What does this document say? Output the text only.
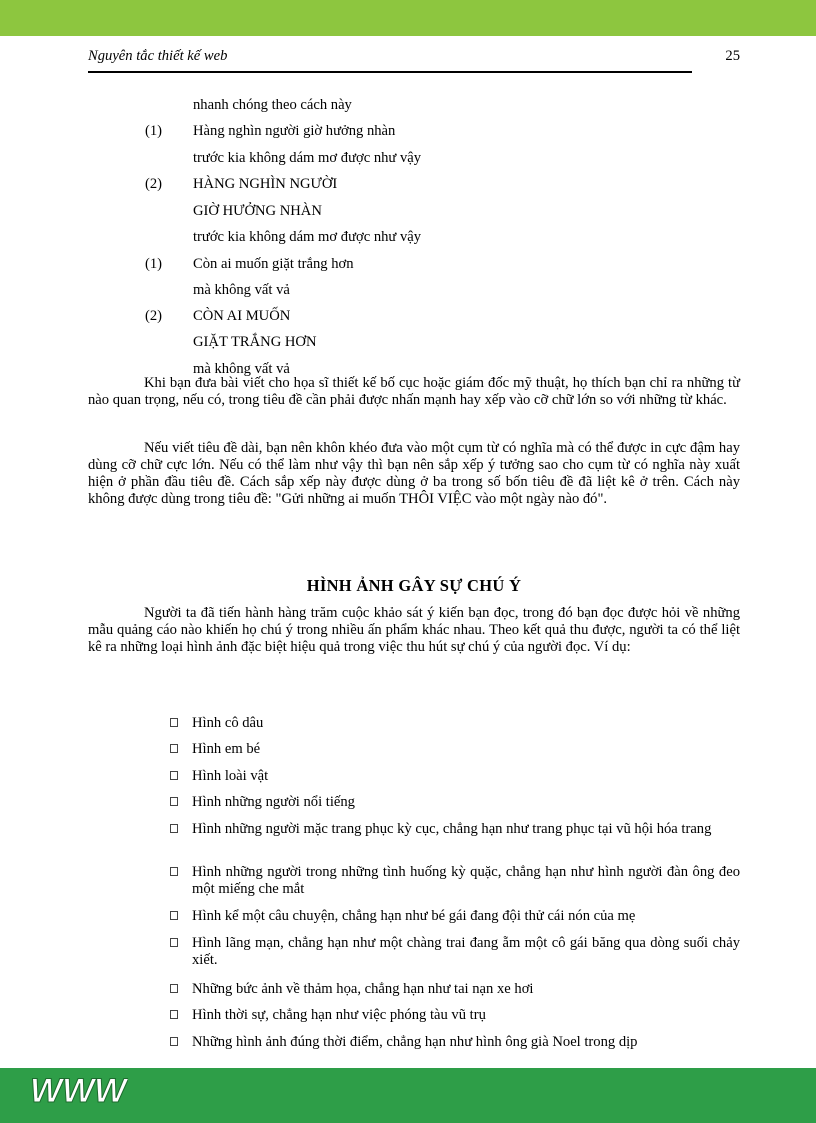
Nguyên tắc thiết kế web	25
nhanh chóng theo cách này
(1) Hàng nghìn người giờ hưởng nhàn
trước kia không dám mơ được như vậy
(2) HÀNG NGHÌN NGƯỜI
GIỜ HƯỞNG NHÀN
trước kia không dám mơ được như vậy
(1) Còn ai muốn giặt trắng hơn
mà không vất vả
(2) CÒN AI MUỐN
GIẶT TRẮNG HƠN
mà không vất vả

Khi bạn đưa bài viết cho họa sĩ thiết kế bố cục hoặc giám đốc mỹ thuật, họ thích bạn chỉ ra những từ nào quan trọng, nếu có, trong tiêu đề cần phải được nhấn mạnh hay xếp vào cỡ chữ lớn so với những từ khác.

Nếu viết tiêu đề dài, bạn nên khôn khéo đưa vào một cụm từ có nghĩa mà có thể được in cực đậm hay dùng cỡ chữ cực lớn. Nếu có thể làm như vậy thì bạn nên sắp xếp ý tưởng sao cho cụm từ có nghĩa này xuất hiện ở phần đầu tiêu đề. Cách sắp xếp này được dùng ở ba trong số bốn tiêu đề đã liệt kê ở trên. Cách này không được dùng trong tiêu đề: "Gửi những ai muốn THÔI VIỆC vào một ngày nào đó".

HÌNH ẢNH GÂY SỰ CHÚ Ý

Người ta đã tiến hành hàng trăm cuộc khảo sát ý kiến bạn đọc, trong đó bạn đọc được hỏi về những mẫu quảng cáo nào khiến họ chú ý trong nhiều ấn phẩm khác nhau. Theo kết quả thu được, người ta có thể liệt kê ra những loại hình ảnh đặc biệt hiệu quả trong việc thu hút sự chú ý của người đọc. Ví dụ:

Hình cô dâu
Hình em bé
Hình loài vật
Hình những người nổi tiếng
Hình những người mặc trang phục kỳ cục, chẳng hạn như trang phục tại vũ hội hóa trang
Hình những người trong những tình huống kỳ quặc, chẳng hạn như hình người đàn ông đeo một miếng che mắt
Hình kể một câu chuyện, chẳng hạn như bé gái đang đội thử cái nón của mẹ
Hình lãng mạn, chẳng hạn như một chàng trai đang ẵm một cô gái băng qua dòng suối chảy xiết.
Những bức ảnh về thảm họa, chẳng hạn như tai nạn xe hơi
Hình thời sự, chẳng hạn như việc phóng tàu vũ trụ
Những hình ảnh đúng thời điểm, chẳng hạn như hình ông già Noel trong dịp
WWW
